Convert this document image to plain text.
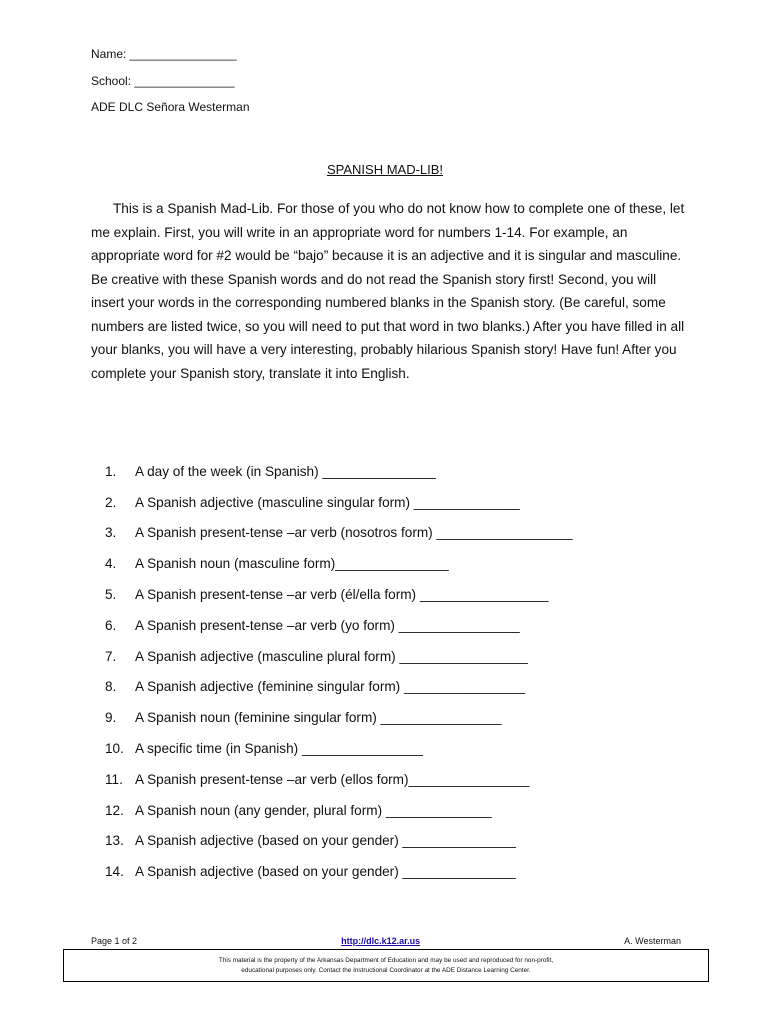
Name: ________________
School: _______________
ADE DLC Señora Westerman
SPANISH MAD-LIB!

This is a Spanish Mad-Lib. For those of you who do not know how to complete one of these, let me explain. First, you will write in an appropriate word for numbers 1-14. For example, an appropriate word for #2 would be “bajo” because it is an adjective and it is singular and masculine. Be creative with these Spanish words and do not read the Spanish story first! Second, you will insert your words in the corresponding numbered blanks in the Spanish story. (Be careful, some numbers are listed twice, so you will need to put that word in two blanks.) After you have filled in all your blanks, you will have a very interesting, probably hilarious Spanish story! Have fun! After you complete your Spanish story, translate it into English.

1.	A day of the week (in Spanish) _______________
2.	A Spanish adjective (masculine singular form) ______________
3.	A Spanish present-tense –ar verb (nosotros form) __________________
4.	A Spanish noun (masculine form)_______________
5.	A Spanish present-tense –ar verb (él/ella form) _________________
6.	A Spanish present-tense –ar verb (yo form) ________________
7.	A Spanish adjective (masculine plural form) _________________
8.	A Spanish adjective (feminine singular form) ________________
9.	A Spanish noun (feminine singular form) ________________
10. A specific time (in Spanish) ________________
11. A Spanish present-tense –ar verb (ellos form)________________
12. A Spanish noun (any gender, plural form) ______________
13. A Spanish adjective (based on your gender) _______________
14. A Spanish adjective (based on your gender) _______________
Page 1 of 2	http://dlc.k12.ar.us	A. Westerman
This material is the property of the Arkansas Department of Education and may be used and reproduced for non-profit,
educational purposes only. Contact the Instructional Coordinator at the ADE Distance Learning Center.
